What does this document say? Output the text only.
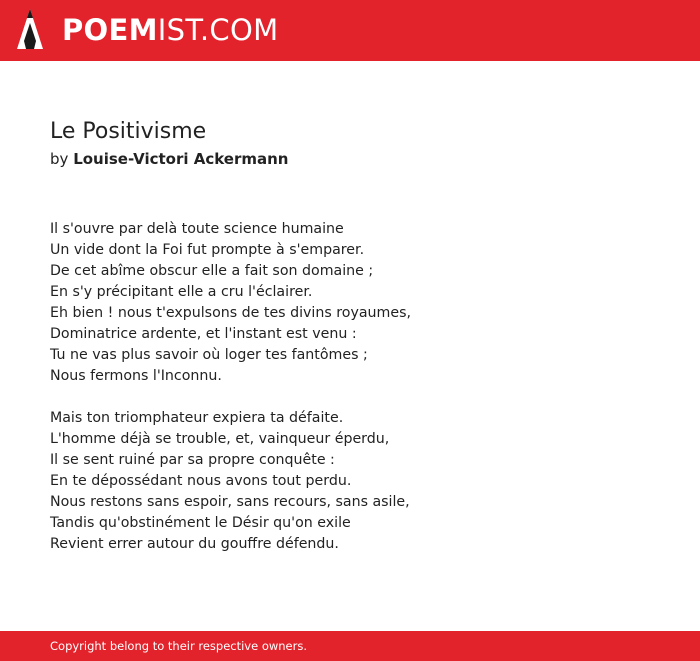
POEMIST.COM
Le Positivisme
by Louise-Victori Ackermann
Il s'ouvre par delà toute science humaine
Un vide dont la Foi fut prompte à s'emparer.
De cet abîme obscur elle a fait son domaine ;
En s'y précipitant elle a cru l'éclairer.
Eh bien ! nous t'expulsons de tes divins royaumes,
Dominatrice ardente, et l'instant est venu :
Tu ne vas plus savoir où loger tes fantômes ;
Nous fermons l'Inconnu.
Mais ton triomphateur expiera ta défaite.
L'homme déjà se trouble, et, vainqueur éperdu,
Il se sent ruiné par sa propre conquête :
En te dépossédant nous avons tout perdu.
Nous restons sans espoir, sans recours, sans asile,
Tandis qu'obstinément le Désir qu'on exile
Revient errer autour du gouffre défendu.
Copyright belong to their respective owners.
